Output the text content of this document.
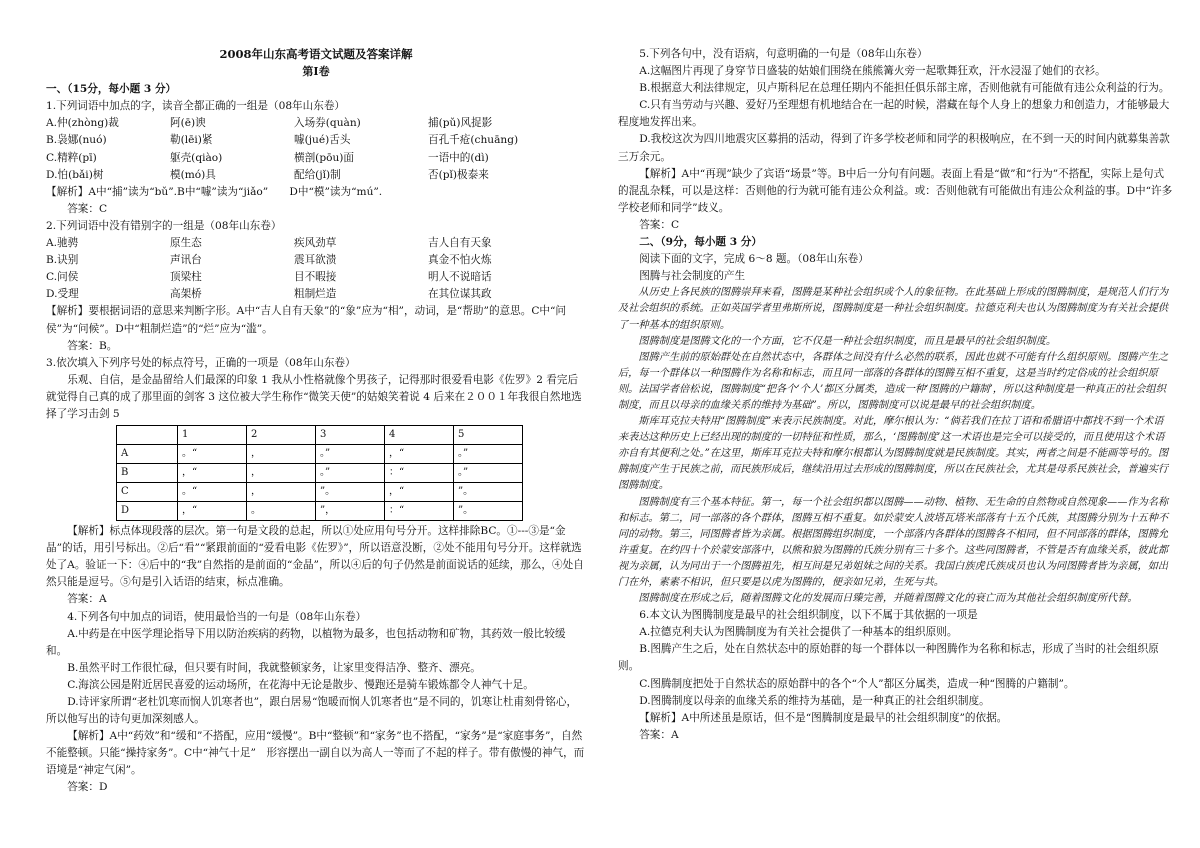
2008年山东高考语文试题及答案详解

第Ⅰ卷

一、（15分，每小题 3 分）

1.下列词语中加点的字，读音全都正确的一组是（08年山东卷）

A.仲(zhòng)裁	阿(ē)谀	入场券(quàn)	捕(pǔ)风捉影
B.袅娜(nuó)	勒(lēi)紧	噱(jué)舌头	百孔千疮(chuāng)
C.精粹(pī)	躯壳(qiào)	横剖(pōu)面	一语中的(dì)
D.怕(bǎi)树	模(mó)具	配给(jǐ)制	否(pǐ)极泰来

【解析】A中“捕”读为“bǔ”.B中“噱”读为“jiǎo”　　D中“模”读为“mú”.

答案：C

2.下列词语中没有错别字的一组是（08年山东卷）

A.驰骋	原生态	疾风劲草	吉人自有天象
B.诀别	声讯台	震耳欲溃	真金不怕火炼
C.问侯	顶梁柱	目不暇接	明人不说暗话
D.受理	高架桥	粗制烂造	在其位谋其政

【解析】要根据词语的意思来判断字形。A中“吉人自有天象”的“象”应为“相”，动词，是“帮助”的意思。C中“问侯”为“问候”。D中“粗制烂造”的“烂”应为“滥”。

答案：B。

3.依次填入下列序号处的标点符号，正确的一项是（08年山东卷）

乐观、自信，是金晶留给人们最深的印象 1 我从小性格就像个男孩子，记得那时很爱看电影《佐罗》2 看完后就觉得自己真的成了那里面的剑客 3 这位被大学生称作“微笑天使”的姑娘笑着说 4 后来在２００１年我很自然地选择了学习击剑 5

	1	2	3	4	5
A	。“	，	。”	，“	。”
B	，“	，	。”	：“	。”
C	。“	，	”。	，“	”。
D	，“	。	”，	：“	”。

【解析】标点体现段落的层次。第一句是文段的总起，所以①处应用句号分开。这样排除BC。①---③是“金晶”的话，用引号标出。②后“看”“紧跟前面的“爱看电影《佐罗》”，所以语意没断，②处不能用句号分开。这样就选处了A。验证一下：④后中的“我”自然指的是前面的“金晶”，所以④后的句子仍然是前面说话的延续，那么，④处自然只能是逗号。⑤句是引入话语的结束，标点准确。

答案：A

4.下列各句中加点的词语，使用最恰当的一句是（08年山东卷）

A.中药是在中医学理论指导下用以防治疾病的药物，以植物为最多，也包括动物和矿物，其药效一般比较缓和。

B.虽然平时工作很忙碌，但只要有时间，我就整顿家务，让家里变得洁净、整齐、漂亮。

C.海滨公园是附近居民喜爱的运动场所，在花海中无论是散步、慢跑还是骑车锻炼都令人神气十足。

D.诗评家所谓“老杜饥寒而悯人饥寒者也”，跟白居易“饱暖而悯人饥寒者也”是不同的，饥寒让杜甫刻骨铭心，所以他写出的诗句更加深刻感人。

【解析】A中“药效”和“缓和”不搭配，应用“缓慢”。B中“整顿”和“家务”也不搭配，“家务”是“家庭事务”，自然不能整顿。只能“操持家务”。C中“神气十足”　形容摆出一副自以为高人一等而了不起的样子。带有傲慢的神气，而语境是“神定气闲”。

答案：D

5.下列各句中，没有语病，句意明确的一句是（08年山东卷）

A.这幅图片再现了身穿节日盛装的姑娘们围绕在熊熊篝火旁一起歌舞狂欢，汗水浸湿了她们的衣衫。

B.根据意大利法律规定，贝卢斯科尼在总理任期内不能担任俱乐部主席，否则他就有可能做有违公众利益的行为。

C.只有当劳动与兴趣、爱好乃至理想有机地结合在一起的时候，潜藏在每个人身上的想象力和创造力，才能够最大程度地发挥出来。

D.我校这次为四川地震灾区募捐的活动，得到了许多学校老师和同学的积极响应，在不到一天的时间内就募集善款三万余元。

【解析】A中“再现”缺少了宾语“场景”等。B中后一分句有问题。表面上看是“做”和“行为”不搭配，实际上是句式的混乱杂糅，可以是这样：否则他的行为就可能有违公众利益。或：否则他就有可能做出有违公众利益的事。D中“许多学校老师和同学”歧义。

答案：C

二、（9分，每小题 3 分）

阅读下面的文字，完成 6～8 题。（08年山东卷）

图腾与社会制度的产生

从历史上各民族的图腾崇拜来看，图腾是某种社会组织或个人的象征物。在此基础上形成的图腾制度，是规范人们行为及社会组织的系统。正如英国学者里弗斯所说，图腾制度是一种社会组织制度。拉德克利夫也认为图腾制度为有关社会提供了一种基本的组织原则。

图腾制度是图腾文化的一个方面，它不仅是一种社会组织制度，而且是最早的社会组织制度。

图腾产生前的原始群处在自然状态中，各群体之间没有什么必然的联系，因此也就不可能有什么组织原则。图腾产生之后，每一个群体以一种图腾作为名称和标志，而且同一部落的各群体的图腾互相不重复，这是当时约定俗成的社会组织原则。法国学者倍松说，图腾制度“把各个‘个人’都区分属类，造成一种‘图腾的户籍制’，所以这种制度是一种真正的社会组织制度，而且以母亲的血缘关系的维持为基础”。所以，图腾制度可以说是最早的社会组织制度。

斯库耳克拉夫特用“图腾制度”来表示民族制度。对此，摩尔根认为：“倘若我们在拉丁语和希腊语中都找不到一个术语来表达这种历史上已经出现的制度的一切特征和性质，那么，‘图腾制度’这一术语也是完全可以接受的，而且使用这个术语亦自有其便利之处。”在这里，斯库耳克拉夫特和摩尔根都认为图腾制度就是民族制度。其实，两者之间是不能画等号的。图腾制度产生于民族之前，而民族形成后，继续沿用过去形成的图腾制度，所以在民族社会，尤其是母系民族社会，普遍实行图腾制度。

图腾制度有三个基本特征。第一，每一个社会组织都以图腾——动物、植物、无生命的自然物或自然现象——作为名称和标志。第二，同一部落的各个群体，图腾互相不重复。如於蒙安人波塔瓦塔米部落有十五个氏族，其图腾分别为十五种不同的动物。第三，同图腾者皆为亲属。根据图腾组织制度，一个部落内各群体的图腾各不相同，但不同部落的群体，图腾允许重复。在约四十个於蒙安部落中，以熊和狼为图腾的氏族分别有三十多个。这些同图腾者，不管是否有血缘关系，彼此都视为亲属，认为同出于一个图腾祖先，相互间是兄弟姐妹之间的关系。我国白族虎氏族成员也认为同图腾者皆为亲属，如出门在外，素素不相识，但只要是以虎为图腾的，便亲如兄弟，生死与共。

图腾制度在形成之后，随着图腾文化的发展而日臻完善，并随着图腾文化的衰亡而为其他社会组织制度所代替。

6.本文认为图腾制度是最早的社会组织制度，以下不属于其依据的一项是

A.拉德克利夫认为图腾制度为有关社会提供了一种基本的组织原则。

B.图腾产生之后，处在自然状态中的原始群的每一个群体以一种图腾作为名称和标志，形成了当时的社会组织原则。

C.图腾制度把处于自然状态的原始群中的各个“个人”都区分属类，造成一种“图腾的户籍制”。

D.图腾制度以母亲的血缘关系的维持为基础，是一种真正的社会组织制度。

【解析】A中所述虽是原话，但不是“图腾制度是最早的社会组织制度”的依据。

答案：A
